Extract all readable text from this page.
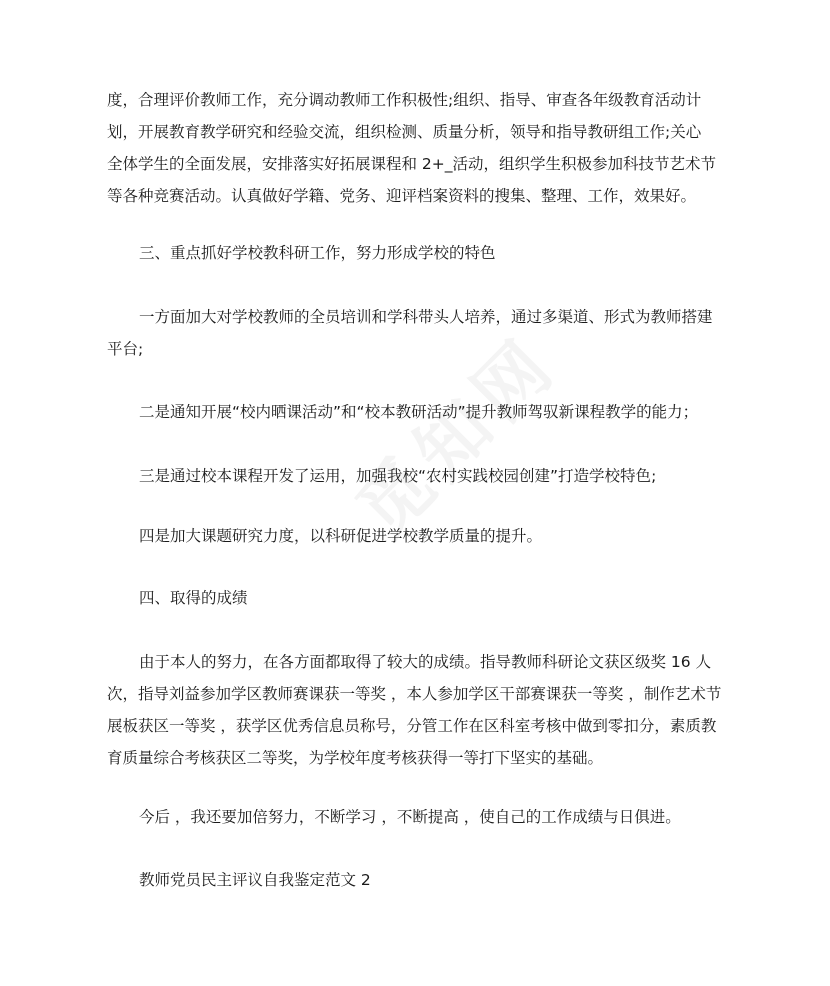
度，合理评价教师工作，充分调动教师工作积极性;组织、指导、审查各年级教育活动计
划，开展教育教学研究和经验交流，组织检测、质量分析，领导和指导教研组工作;关心
全体学生的全面发展，安排落实好拓展课程和 2+_活动，组织学生积极参加科技节艺术节
等各种竞赛活动。认真做好学籍、党务、迎评档案资料的搜集、整理、工作，效果好。
三、重点抓好学校教科研工作，努力形成学校的特色
一方面加大对学校教师的全员培训和学科带头人培养，通过多渠道、形式为教师搭建
平台;
二是通知开展“校内晒课活动”和“校本教研活动”提升教师驾驭新课程教学的能力；
三是通过校本课程开发了运用，加强我校“农村实践校园创建”打造学校特色;
四是加大课题研究力度，以科研促进学校教学质量的提升。
四、取得的成绩
由于本人的努力，在各方面都取得了较大的成绩。指导教师科研论文获区级奖 16 人
次，指导刘益参加学区教师赛课获一等奖 ，本人参加学区干部赛课获一等奖 ，制作艺术节
展板获区一等奖 ，获学区优秀信息员称号，分管工作在区科室考核中做到零扣分，素质教
育质量综合考核获区二等奖，为学校年度考核获得一等打下坚实的基础。
今后 ，我还要加倍努力，不断学习 ，不断提高 ，使自己的工作成绩与日俱进。
教师党员民主评议自我鉴定范文 2
